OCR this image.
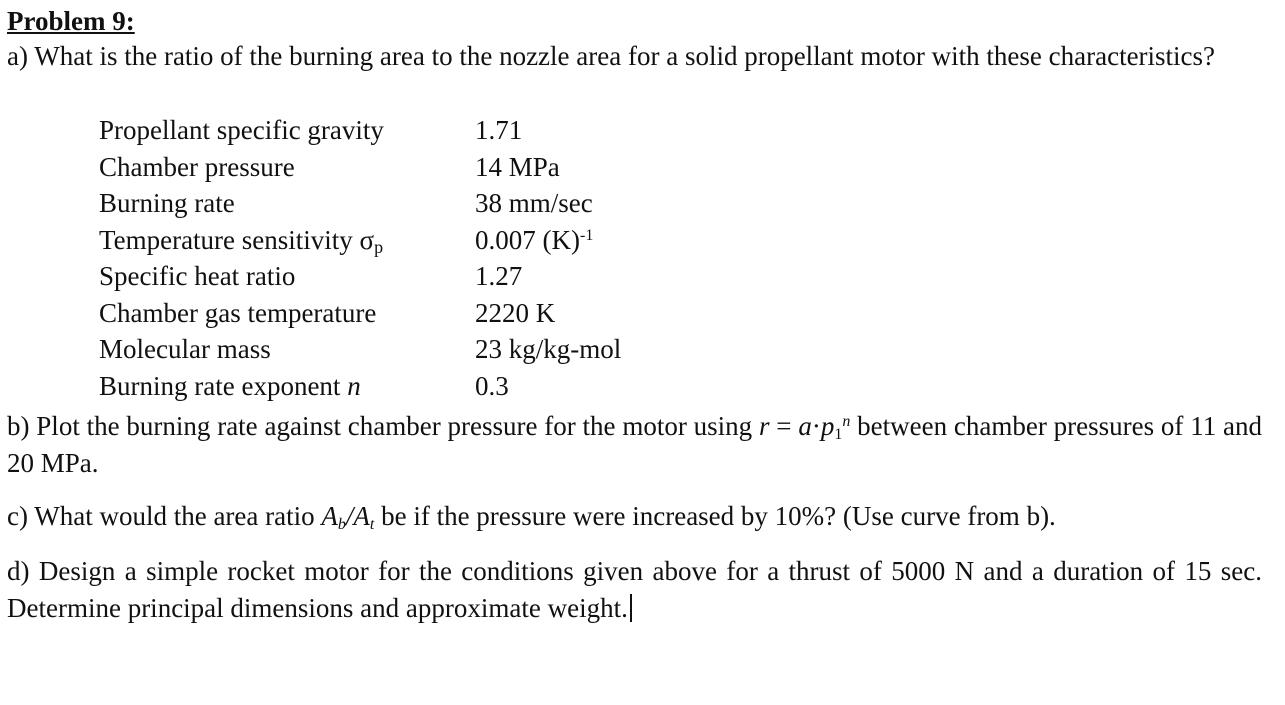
Problem 9:

a) What is the ratio of the burning area to the nozzle area for a solid propellant motor with these characteristics?

Propellant specific gravity	1.71
Chamber pressure	14 MPa
Burning rate	38 mm/sec
Temperature sensitivity σp	0.007 $(K)^{-1}$
Specific heat ratio	1.27
Chamber gas temperature	2220 K
Molecular mass	23 kg/kg-mol
Burning rate exponent n	0.3

b) Plot the burning rate against chamber pressure for the motor using $r = a\cdot p_1^n$ between chamber pressures of 11 and 20 MPa.

c) What would the area ratio $A_b/A_t$ be if the pressure were increased by 10%? (Use curve from b).

d) Design a simple rocket motor for the conditions given above for a thrust of 5000 N and a duration of 15 sec. Determine principal dimensions and approximate weight.
